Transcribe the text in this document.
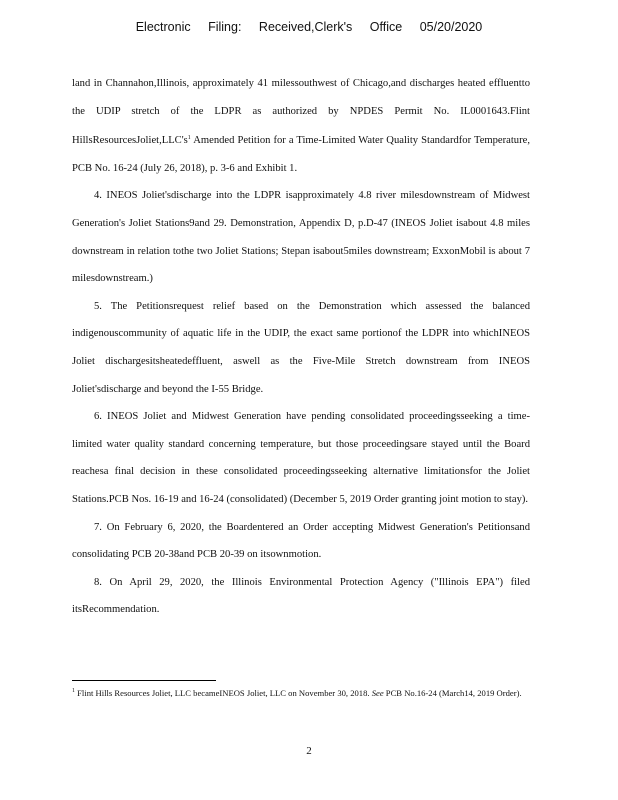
Electronic Filing: Received,Clerk's Office 05/20/2020

land in Channahon,Illinois, approximately 41 milessouthwest of Chicago,and discharges heated effluentto the UDIP stretch of the LDPR as authorized by NPDES Permit No. IL0001643.Flint $HillsResourcesJoliet,LLC's^1$ Amended Petition for a Time-Limited Water Quality Standardfor Temperature, PCB No. 16-24 (July 26, 2018), p. 3-6 and Exhibit 1.

4. INEOS Joliet'sdischarge into the LDPR isapproximately 4.8 river milesdownstream of Midwest Generation's Joliet Stations9and 29. Demonstration, Appendix D, p.D-47 (INEOS Joliet isabout 4.8 miles downstream in relation tothe two Joliet Stations; Stepan isabout5miles downstream; ExxonMobil is about 7 milesdownstream.)

5. The Petitionsrequest relief based on the Demonstration which assessed the balanced indigenouscommunity of aquatic life in the UDIP, the exact same portionof the LDPR into whichINEOS Joliet dischargesitsheatedeffluent, aswell as the Five-Mile Stretch downstream from INEOS Joliet'sdischarge and beyond the I-55 Bridge.

6. INEOS Joliet and Midwest Generation have pending consolidated proceedingsseeking a time-limited water quality standard concerning temperature, but those proceedingsare stayed until the Board reachesa final decision in these consolidated proceedingsseeking alternative limitationsfor the Joliet Stations.PCB Nos. 16-19 and 16-24 (consolidated) (December 5, 2019 Order granting joint motion to stay).

7. On February 6, 2020, the Boardentered an Order accepting Midwest Generation's Petitionsand consolidating PCB 20-38and PCB 20-39 on itsownmotion.

8. On April 29, 2020, the Illinois Environmental Protection Agency ("Illinois EPA") filed itsRecommendation.

$^1$ Flint Hills Resources Joliet, LLC becameINEOS Joliet, LLC on November 30, 2018. See PCB No.16-24 (March14, 2019 Order).
2
